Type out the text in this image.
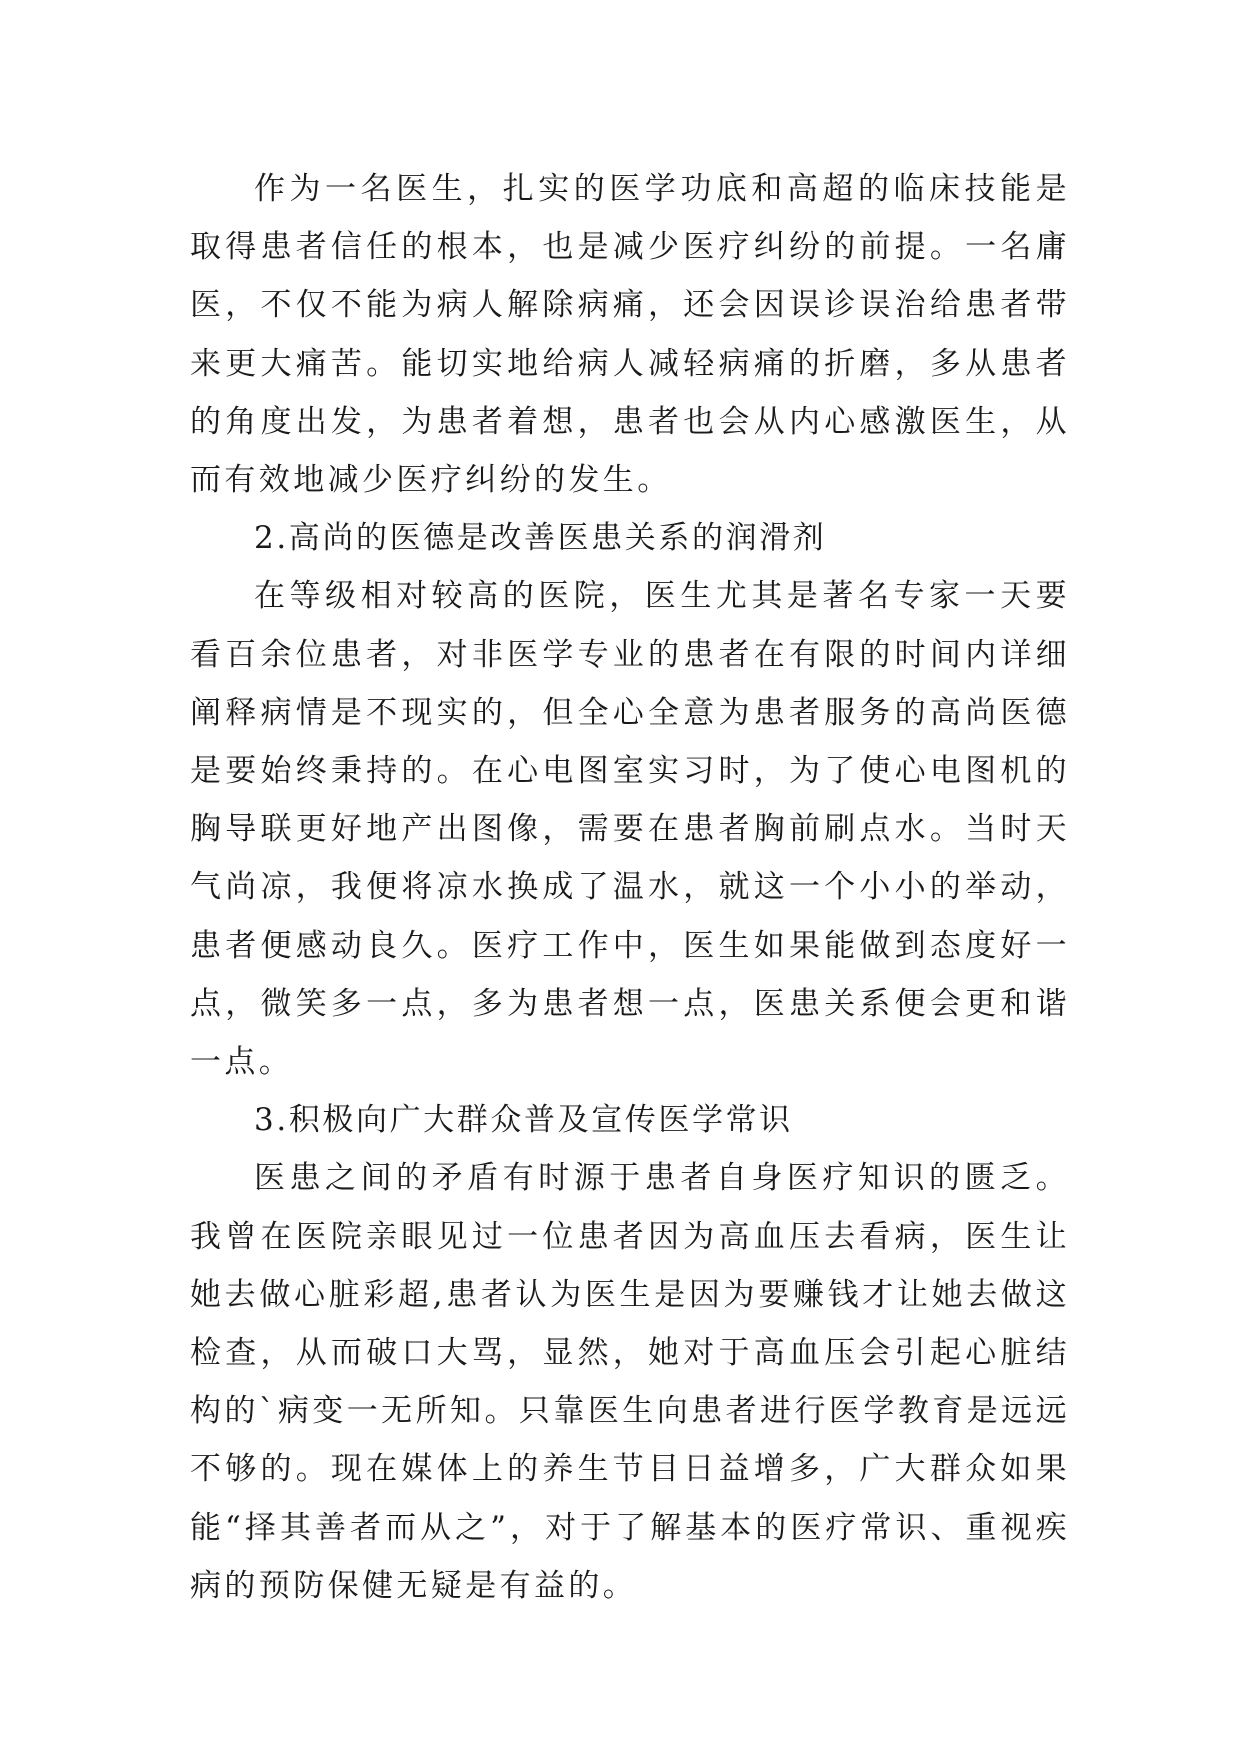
作为一名医生，扎实的医学功底和高超的临床技能是取得患者信任的根本，也是减少医疗纠纷的前提。一名庸医，不仅不能为病人解除病痛，还会因误诊误治给患者带来更大痛苦。能切实地给病人减轻病痛的折磨，多从患者的角度出发，为患者着想，患者也会从内心感激医生，从而有效地减少医疗纠纷的发生。

2.高尚的医德是改善医患关系的润滑剂

在等级相对较高的医院，医生尤其是著名专家一天要看百余位患者，对非医学专业的患者在有限的时间内详细阐释病情是不现实的，但全心全意为患者服务的高尚医德是要始终秉持的。在心电图室实习时，为了使心电图机的胸导联更好地产出图像，需要在患者胸前刷点水。当时天气尚凉，我便将凉水换成了温水，就这一个小小的举动，患者便感动良久。医疗工作中，医生如果能做到态度好一点，微笑多一点，多为患者想一点，医患关系便会更和谐一点。

3.积极向广大群众普及宣传医学常识

医患之间的矛盾有时源于患者自身医疗知识的匮乏。我曾在医院亲眼见过一位患者因为高血压去看病，医生让她去做心脏彩超,患者认为医生是因为要赚钱才让她去做这检查，从而破口大骂，显然，她对于高血压会引起心脏结构的`病变一无所知。只靠医生向患者进行医学教育是远远不够的。现在媒体上的养生节目日益增多，广大群众如果能“择其善者而从之”，对于了解基本的医疗常识、重视疾病的预防保健无疑是有益的。
